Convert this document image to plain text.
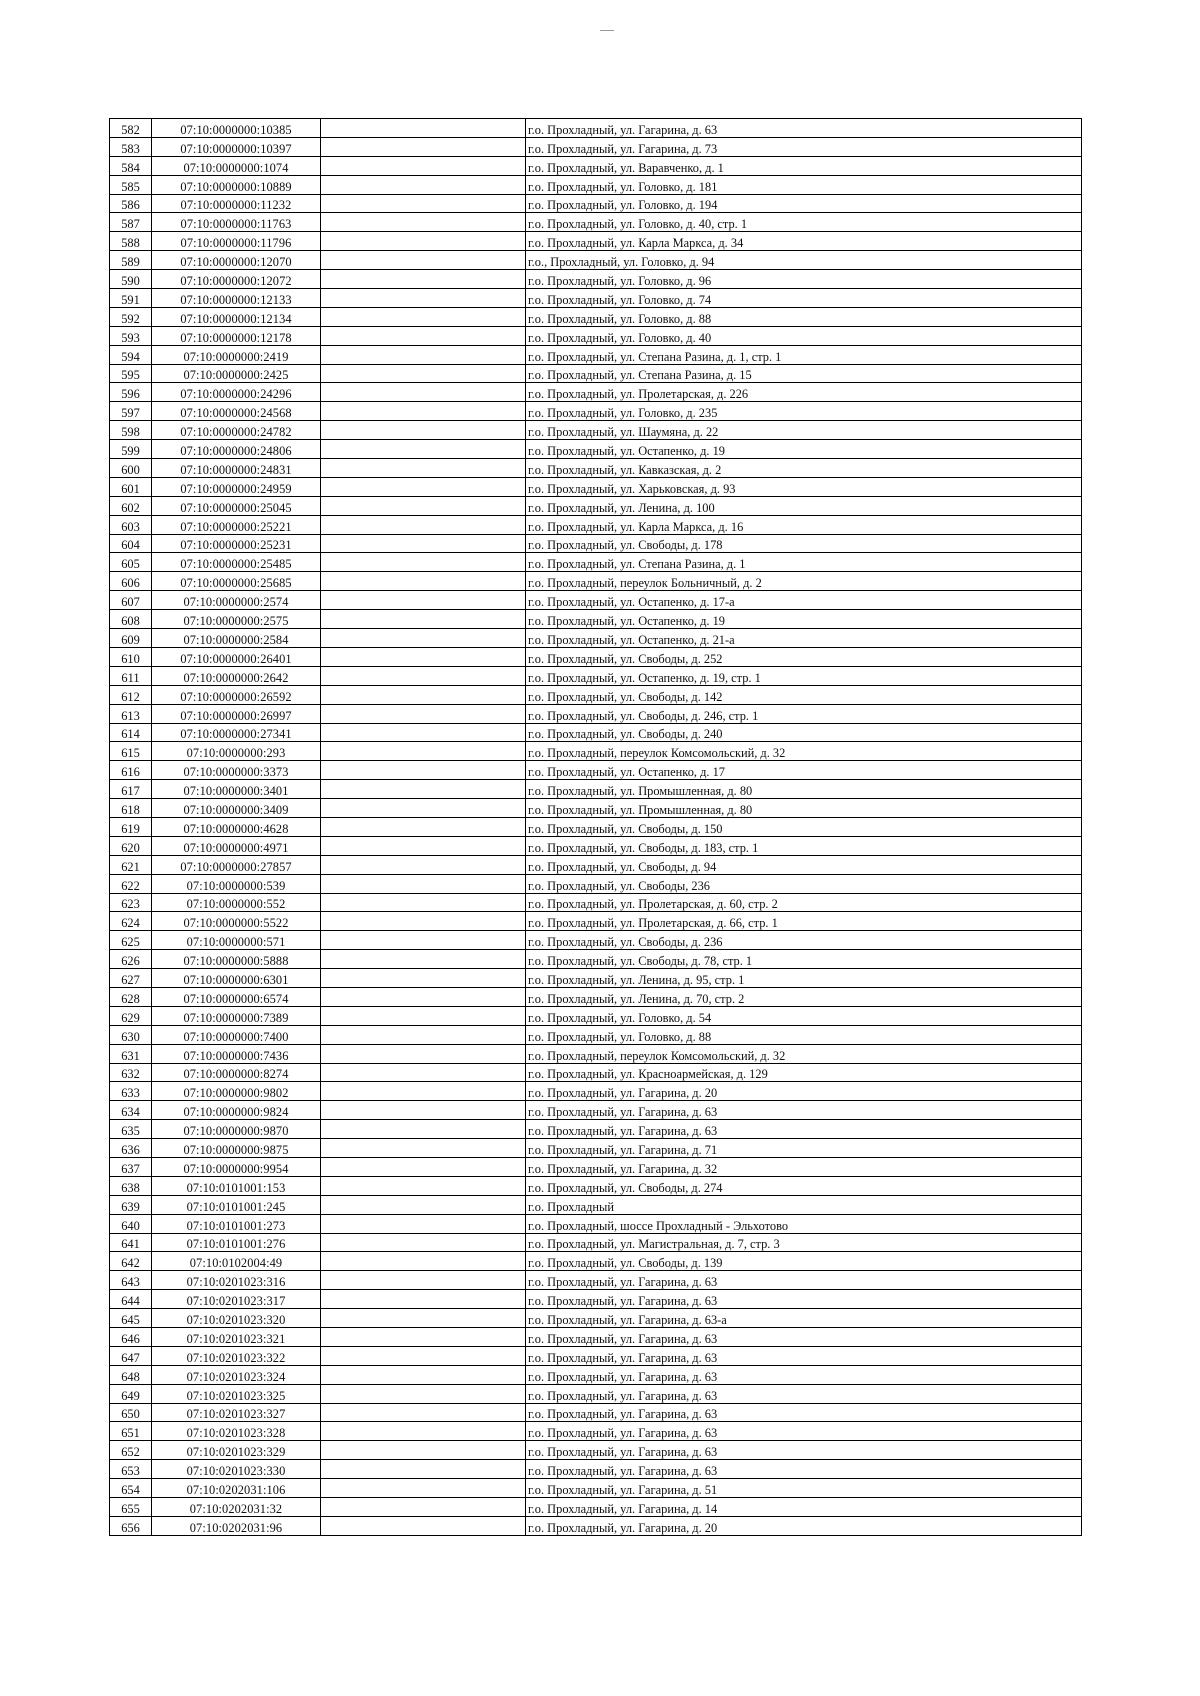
582	07:10:0000000:10385		г.о. Прохладный, ул. Гагарина, д. 63
583	07:10:0000000:10397		г.о. Прохладный, ул. Гагарина, д. 73
584	07:10:0000000:1074		г.о. Прохладный, ул. Варавченко, д. 1
585	07:10:0000000:10889		г.о. Прохладный, ул. Головко, д. 181
586	07:10:0000000:11232		г.о. Прохладный, ул. Головко, д. 194
587	07:10:0000000:11763		г.о. Прохладный, ул. Головко, д. 40, стр. 1
588	07:10:0000000:11796		г.о. Прохладный, ул. Карла Маркса, д. 34
589	07:10:0000000:12070		г.о., Прохладный, ул. Головко, д. 94
590	07:10:0000000:12072		г.о. Прохладный, ул. Головко, д. 96
591	07:10:0000000:12133		г.о. Прохладный, ул. Головко, д. 74
592	07:10:0000000:12134		г.о. Прохладный, ул. Головко, д. 88
593	07:10:0000000:12178		г.о. Прохладный, ул. Головко, д. 40
594	07:10:0000000:2419		г.о. Прохладный, ул. Степана Разина, д. 1, стр. 1
595	07:10:0000000:2425		г.о. Прохладный, ул. Степана Разина, д. 15
596	07:10:0000000:24296		г.о. Прохладный, ул. Пролетарская, д. 226
597	07:10:0000000:24568		г.о. Прохладный, ул. Головко, д. 235
598	07:10:0000000:24782		г.о. Прохладный, ул. Шаумяна, д. 22
599	07:10:0000000:24806		г.о. Прохладный, ул. Остапенко, д. 19
600	07:10:0000000:24831		г.о. Прохладный, ул. Кавказская, д. 2
601	07:10:0000000:24959		г.о. Прохладный, ул. Харьковская, д. 93
602	07:10:0000000:25045		г.о. Прохладный, ул. Ленина, д. 100
603	07:10:0000000:25221		г.о. Прохладный, ул. Карла Маркса, д. 16
604	07:10:0000000:25231		г.о. Прохладный, ул. Свободы, д. 178
605	07:10:0000000:25485		г.о. Прохладный, ул. Степана Разина, д. 1
606	07:10:0000000:25685		г.о. Прохладный, переулок Больничный, д. 2
607	07:10:0000000:2574		г.о. Прохладный, ул. Остапенко, д. 17-а
608	07:10:0000000:2575		г.о. Прохладный, ул. Остапенко, д. 19
609	07:10:0000000:2584		г.о. Прохладный, ул. Остапенко, д. 21-а
610	07:10:0000000:26401		г.о. Прохладный, ул. Свободы, д. 252
611	07:10:0000000:2642		г.о. Прохладный, ул. Остапенко, д. 19, стр. 1
612	07:10:0000000:26592		г.о. Прохладный, ул. Свободы, д. 142
613	07:10:0000000:26997		г.о. Прохладный, ул. Свободы, д. 246, стр. 1
614	07:10:0000000:27341		г.о. Прохладный, ул. Свободы, д. 240
615	07:10:0000000:293		г.о. Прохладный, переулок Комсомольский, д. 32
616	07:10:0000000:3373		г.о. Прохладный, ул. Остапенко, д. 17
617	07:10:0000000:3401		г.о. Прохладный, ул. Промышленная, д. 80
618	07:10:0000000:3409		г.о. Прохладный, ул. Промышленная, д. 80
619	07:10:0000000:4628		г.о. Прохладный, ул. Свободы, д. 150
620	07:10:0000000:4971		г.о. Прохладный, ул. Свободы, д. 183, стр. 1
621	07:10:0000000:27857		г.о. Прохладный, ул. Свободы, д. 94
622	07:10:0000000:539		г.о. Прохладный, ул. Свободы, 236
623	07:10:0000000:552		г.о. Прохладный, ул. Пролетарская, д. 60, стр. 2
624	07:10:0000000:5522		г.о. Прохладный, ул. Пролетарская, д. 66, стр. 1
625	07:10:0000000:571		г.о. Прохладный, ул. Свободы, д. 236
626	07:10:0000000:5888		г.о. Прохладный, ул. Свободы, д. 78, стр. 1
627	07:10:0000000:6301		г.о. Прохладный, ул. Ленина, д. 95, стр. 1
628	07:10:0000000:6574		г.о. Прохладный, ул. Ленина, д. 70, стр. 2
629	07:10:0000000:7389		г.о. Прохладный, ул. Головко, д. 54
630	07:10:0000000:7400		г.о. Прохладный, ул. Головко, д. 88
631	07:10:0000000:7436		г.о. Прохладный, переулок Комсомольский, д. 32
632	07:10:0000000:8274		г.о. Прохладный, ул. Красноармейская, д. 129
633	07:10:0000000:9802		г.о. Прохладный, ул. Гагарина, д. 20
634	07:10:0000000:9824		г.о. Прохладный, ул. Гагарина, д. 63
635	07:10:0000000:9870		г.о. Прохладный, ул. Гагарина, д. 63
636	07:10:0000000:9875		г.о. Прохладный, ул. Гагарина, д. 71
637	07:10:0000000:9954		г.о. Прохладный, ул. Гагарина, д. 32
638	07:10:0101001:153		г.о. Прохладный, ул. Свободы, д. 274
639	07:10:0101001:245		г.о. Прохладный
640	07:10:0101001:273		г.о. Прохладный, шоссе Прохладный - Эльхотово
641	07:10:0101001:276		г.о. Прохладный, ул. Магистральная, д. 7, стр. 3
642	07:10:0102004:49		г.о. Прохладный, ул. Свободы, д. 139
643	07:10:0201023:316		г.о. Прохладный, ул. Гагарина, д. 63
644	07:10:0201023:317		г.о. Прохладный, ул. Гагарина, д. 63
645	07:10:0201023:320		г.о. Прохладный, ул. Гагарина, д. 63-а
646	07:10:0201023:321		г.о. Прохладный, ул. Гагарина, д. 63
647	07:10:0201023:322		г.о. Прохладный, ул. Гагарина, д. 63
648	07:10:0201023:324		г.о. Прохладный, ул. Гагарина, д. 63
649	07:10:0201023:325		г.о. Прохладный, ул. Гагарина, д. 63
650	07:10:0201023:327		г.о. Прохладный, ул. Гагарина, д. 63
651	07:10:0201023:328		г.о. Прохладный, ул. Гагарина, д. 63
652	07:10:0201023:329		г.о. Прохладный, ул. Гагарина, д. 63
653	07:10:0201023:330		г.о. Прохладный, ул. Гагарина, д. 63
654	07:10:0202031:106		г.о. Прохладный, ул. Гагарина, д. 51
655	07:10:0202031:32		г.о. Прохладный, ул. Гагарина, д. 14
656	07:10:0202031:96		г.о. Прохладный, ул. Гагарина, д. 20
